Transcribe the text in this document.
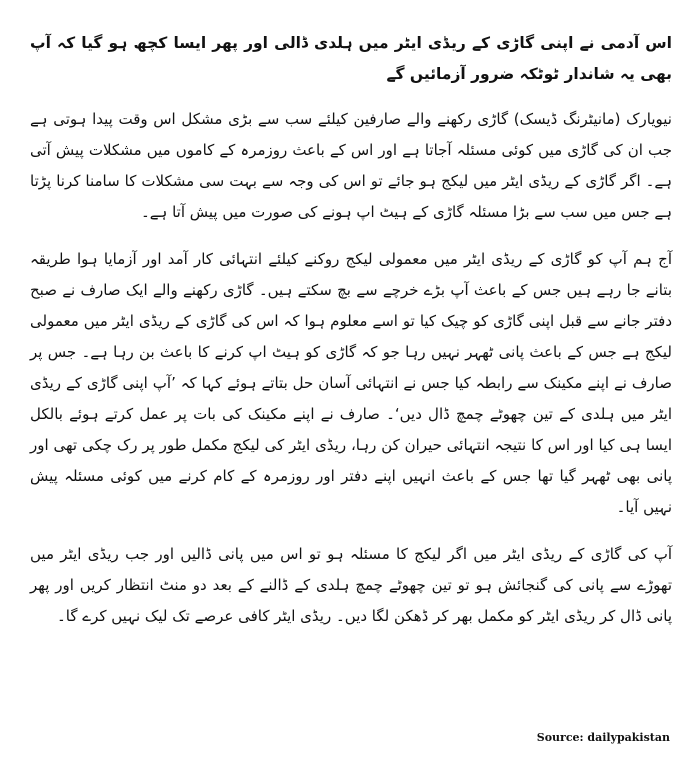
اس آدمی نے اپنی گاڑی کے ریڈی ایٹر میں ہلدی ڈالی اور پھر ایسا کچھ ہو گیا کہ آپ بھی یہ شاندار ٹوٹکہ ضرور آزمائیں گے

نیویارک (مانیٹرنگ ڈیسک) گاڑی رکھنے والے صارفین کیلئے سب سے بڑی مشکل اس وقت پیدا ہوتی ہے جب ان کی گاڑی میں کوئی مسئلہ آجاتا ہے اور اس کے باعث روزمرہ کے کاموں میں مشکلات پیش آتی ہے۔ اگر گاڑی کے ریڈی ایٹر میں لیکج ہو جائے تو اس کی وجہ سے بہت سی مشکلات کا سامنا کرنا پڑتا ہے جس میں سب سے بڑا مسئلہ گاڑی کے ہیٹ اپ ہونے کی صورت میں پیش آتا ہے۔

آج ہم آپ کو گاڑی کے ریڈی ایٹر میں معمولی لیکج روکنے کیلئے انتہائی کار آمد اور آزمایا ہوا طریقہ بتانے جا رہے ہیں جس کے باعث آپ بڑے خرچے سے بچ سکتے ہیں۔ گاڑی رکھنے والے ایک صارف نے صبح دفتر جانے سے قبل اپنی گاڑی کو چیک کیا تو اسے معلوم ہوا کہ اس کی گاڑی کے ریڈی ایٹر میں معمولی لیکج ہے جس کے باعث پانی ٹھہر نہیں رہا جو کہ گاڑی کو ہیٹ اپ کرنے کا باعث بن رہا ہے۔ جس پر صارف نے اپنے مکینک سے رابطہ کیا جس نے انتہائی آسان حل بتاتے ہوئے کہا کہ ’آپ اپنی گاڑی کے ریڈی ایٹر میں ہلدی کے تین چھوٹے چمچ ڈال دیں‘۔ صارف نے اپنے مکینک کی بات پر عمل کرتے ہوئے بالکل ایسا ہی کیا اور اس کا نتیجہ انتہائی حیران کن رہا، ریڈی ایٹر کی لیکج مکمل طور پر رک چکی تھی اور پانی بھی ٹھہر گیا تھا جس کے باعث انہیں اپنے دفتر اور روزمرہ کے کام کرنے میں کوئی مسئلہ پیش نہیں آیا۔

آپ کی گاڑی کے ریڈی ایٹر میں اگر لیکج کا مسئلہ ہو تو اس میں پانی ڈالیں اور جب ریڈی ایٹر میں تھوڑے سے پانی کی گنجائش ہو تو تین چھوٹے چمچ ہلدی کے ڈالنے کے بعد دو منٹ انتظار کریں اور پھر پانی ڈال کر ریڈی ایٹر کو مکمل بھر کر ڈھکن لگا دیں۔ ریڈی ایٹر کافی عرصے تک لیک نہیں کرے گا۔

Source: dailypakistan
